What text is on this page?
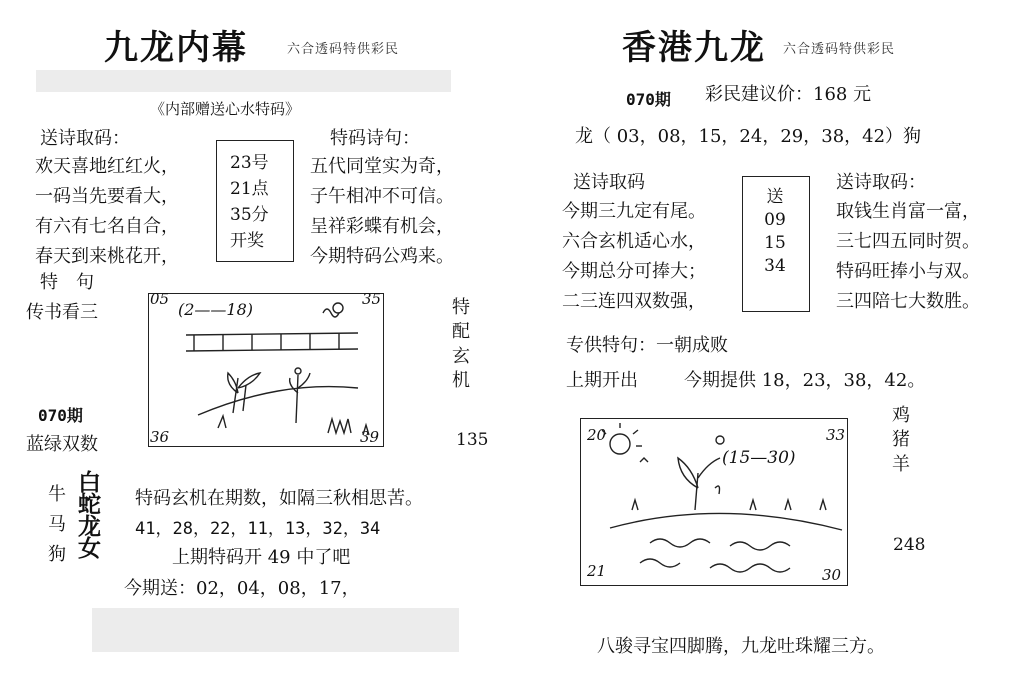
九龙内幕	六合透码特供彩民
《内部赠送心水特码》
送诗取码：
欢天喜地红红火，
一码当先要看大，
有六有七名自合，
春天到来桃花开，
23号
21点
35分
开奖
特码诗句：
五代同堂实为奇，
子午相冲不可信。
呈祥彩蝶有机会，
今期特码公鸡来。
特　句
传书看三
070期
蓝绿双数
05	35
36	39
(2——18)	特
配
玄
机
135
牛
马
狗
白
蛇
龙
女
特码玄机在期数，如隔三秋相思苦。
41，28，22，11，13，32，34
上期特码开 49 中了吧
今期送：02，04，08，17，
香港九龙 六合透码特供彩民
070期 彩民建议价：168 元
龙（ 03，08，15，24，29，38，42）狗
送诗取码
今期三九定有尾。
六合玄机适心水，
今期总分可捧大；
二三连四双数强，
送
09
15
34
送诗取码：
取钱生肖富一富，
三七四五同时贺。
特码旺捧小与双。
三四陪七大数胜。
专供特句：一朝成败
上期开出	今期提供 18，23，38，42。
20	33
21	30
(15—30)
鸡
猪
羊
248
八骏寻宝四脚腾，九龙吐珠耀三方。
